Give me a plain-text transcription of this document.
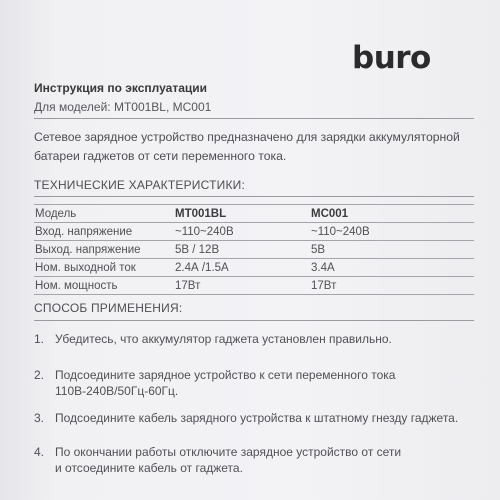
buro
Инструкция по эксплуатации
Для моделей: MT001BL, MC001
Сетевое зарядное устройство предназначено для зарядки аккумуляторной
батареи гаджетов от сети переменного тока.
ТЕХНИЧЕСКИЕ ХАРАКТЕРИСТИКИ:
Модель	MT001BL	MC001
Вход. напряжение	~110~240В	~110~240В
Выход. напряжение	5В / 12В	5В
Ном. выходной ток	2.4А /1.5А	3.4А
Ном. мощность	17Вт	17Вт
СПОСОБ ПРИМЕНЕНИЯ:
1. Убедитесь, что аккумулятор гаджета установлен правильно.
2. Подсоедините зарядное устройство к сети переменного тока
110В-240В/50Гц-60Гц.
3. Подсоедините кабель зарядного устройства к штатному гнезду гаджета.
4. По окончании работы отключите зарядное устройство от сети
и отсоедините кабель от гаджета.
